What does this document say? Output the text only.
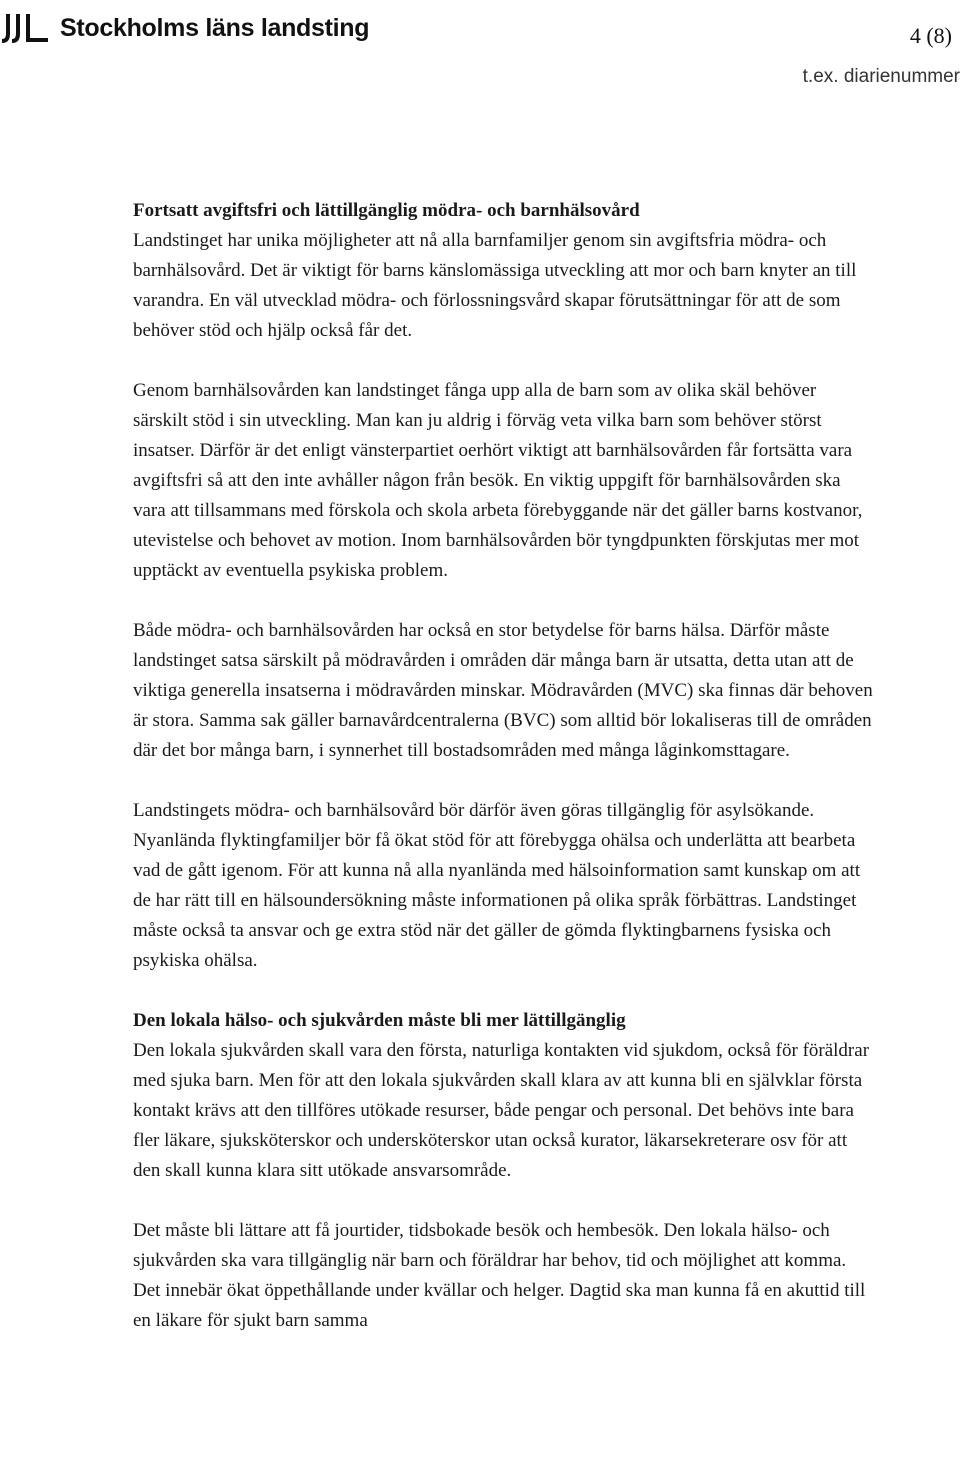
Stockholms läns landsting	4 (8)
t.ex. diarienummer
Fortsatt avgiftsfri och lättillgänglig mödra- och barnhälsovård

Landstinget har unika möjligheter att nå alla barnfamiljer genom sin avgiftsfria mödra- och barnhälsovård. Det är viktigt för barns känslomässiga utveckling att mor och barn knyter an till varandra. En väl utvecklad mödra- och förlossningsvård skapar förutsättningar för att de som behöver stöd och hjälp också får det.

Genom barnhälsovården kan landstinget fånga upp alla de barn som av olika skäl behöver särskilt stöd i sin utveckling. Man kan ju aldrig i förväg veta vilka barn som behöver störst insatser. Därför är det enligt vänsterpartiet oerhört viktigt att barnhälsovården får fortsätta vara avgiftsfri så att den inte avhåller någon från besök. En viktig uppgift för barnhälsovården ska vara att tillsammans med förskola och skola arbeta förebyggande när det gäller barns kostvanor, utevistelse och behovet av motion. Inom barnhälsovården bör tyngdpunkten förskjutas mer mot upptäckt av eventuella psykiska problem.

Både mödra- och barnhälsovården har också en stor betydelse för barns hälsa. Därför måste landstinget satsa särskilt på mödravården i områden där många barn är utsatta, detta utan att de viktiga generella insatserna i mödravården minskar. Mödravården (MVC) ska finnas där behoven är stora. Samma sak gäller barnavårdcentralerna (BVC) som alltid bör lokaliseras till de områden där det bor många barn, i synnerhet till bostadsområden med många låginkomsttagare.

Landstingets mödra- och barnhälsovård bör därför även göras tillgänglig för asylsökande. Nyanlända flyktingfamiljer bör få ökat stöd för att förebygga ohälsa och underlätta att bearbeta vad de gått igenom. För att kunna nå alla nyanlända med hälsoinformation samt kunskap om att de har rätt till en hälsoundersökning måste informationen på olika språk förbättras. Landstinget måste också ta ansvar och ge extra stöd när det gäller de gömda flyktingbarnens fysiska och psykiska ohälsa.

Den lokala hälso- och sjukvården måste bli mer lättillgänglig

Den lokala sjukvården skall vara den första, naturliga kontakten vid sjukdom, också för föräldrar med sjuka barn. Men för att den lokala sjukvården skall klara av att kunna bli en självklar första kontakt krävs att den tillföres utökade resurser, både pengar och personal. Det behövs inte bara fler läkare, sjuksköterskor och undersköterskor utan också kurator, läkarsekreterare osv för att den skall kunna klara sitt utökade ansvarsområde.

Det måste bli lättare att få jourtider, tidsbokade besök och hembesök. Den lokala hälso- och sjukvården ska vara tillgänglig när barn och föräldrar har behov, tid och möjlighet att komma. Det innebär ökat öppethållande under kvällar och helger. Dagtid ska man kunna få en akuttid till en läkare för sjukt barn samma
